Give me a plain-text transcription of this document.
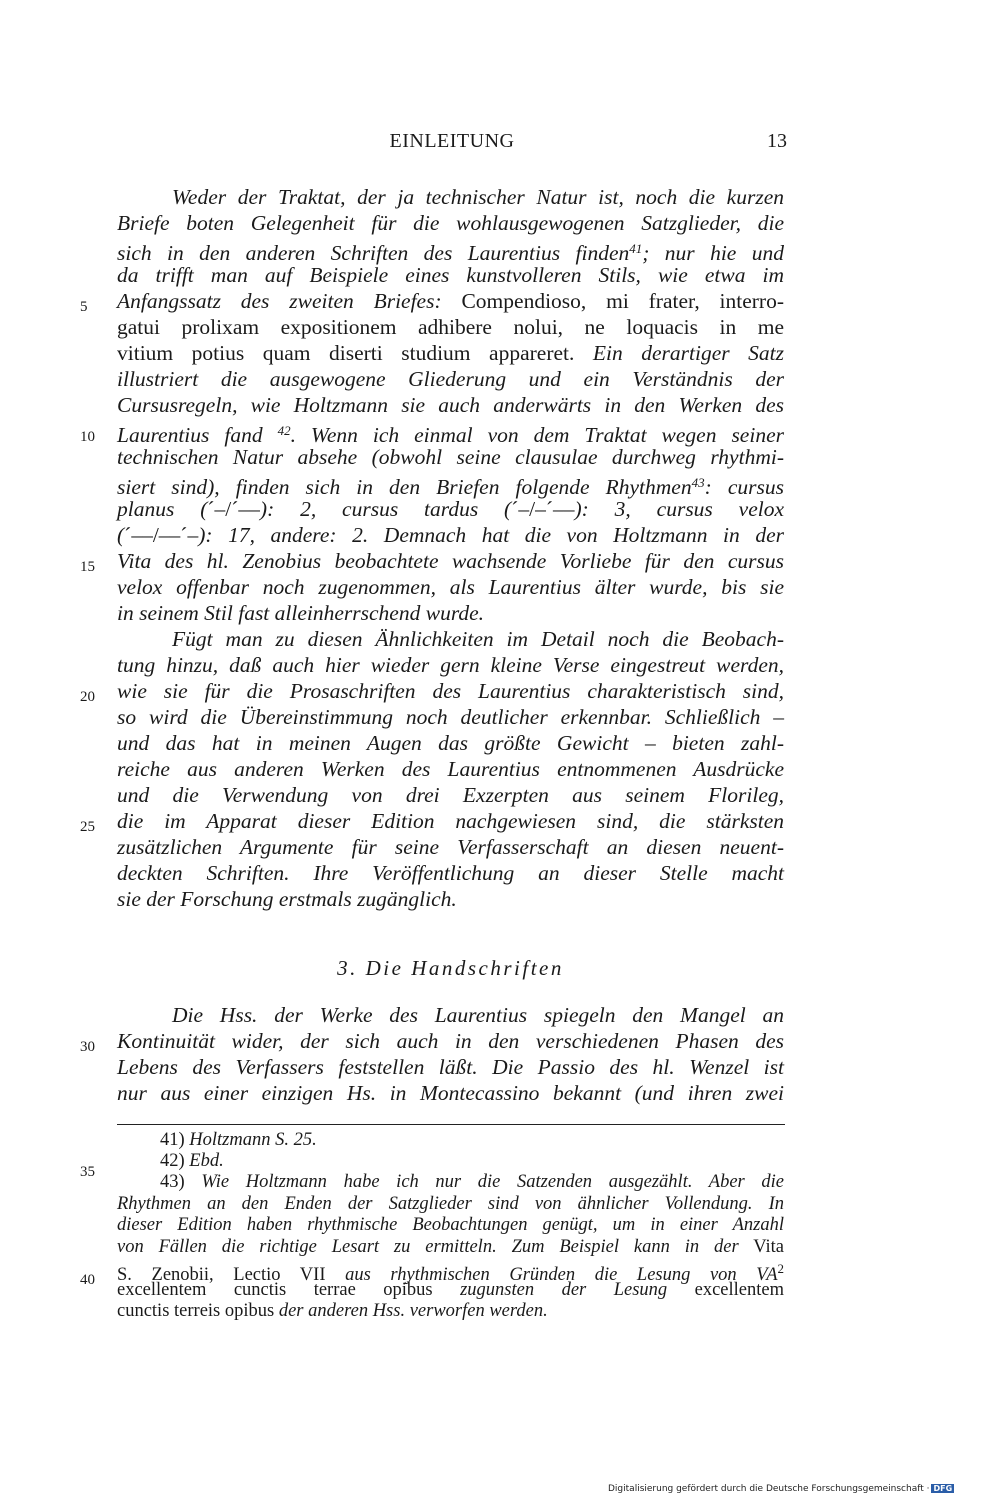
EINLEITUNG	13
5
10
15
20
25
30
Weder der Traktat, der ja technischer Natur ist, noch die kurzen
Briefe boten Gelegenheit für die wohlausgewogenen Satzglieder, die
sich in den anderen Schriften des Laurentius finden$^{41}$; nur hie und
da trifft man auf Beispiele eines kunstvolleren Stils, wie etwa im
Anfangssatz des zweiten Briefes: Compendioso, mi frater, interro-
gatui prolixam expositionem adhibere nolui, ne loquacis in me
vitium potius quam diserti studium appareret. Ein derartiger Satz
illustriert die ausgewogene Gliederung und ein Verständnis der
Cursusregeln, wie Holtzmann sie auch anderwärts in den Werken des
Laurentius fand $^{42}$. Wenn ich einmal von dem Traktat wegen seiner
technischen Natur absehe (obwohl seine clausulae durchweg rhythmi-
siert sind), finden sich in den Briefen folgende Rhythmen$^{43}$: cursus
planus (´–/´––): 2, cursus tardus (´–/–´––): 3, cursus velox
(´––/––´–): 17, andere: 2. Demnach hat die von Holtzmann in der
Vita des hl. Zenobius beobachtete wachsende Vorliebe für den cursus
velox offenbar noch zugenommen, als Laurentius älter wurde, bis sie
in seinem Stil fast alleinherrschend wurde.
Fügt man zu diesen Ähnlichkeiten im Detail noch die Beobach-
tung hinzu, daß auch hier wieder gern kleine Verse eingestreut werden,
wie sie für die Prosaschriften des Laurentius charakteristisch sind,
so wird die Übereinstimmung noch deutlicher erkennbar. Schließlich –
und das hat in meinen Augen das größte Gewicht – bieten zahl-
reiche aus anderen Werken des Laurentius entnommenen Ausdrücke
und die Verwendung von drei Exzerpten aus seinem Florileg,
die im Apparat dieser Edition nachgewiesen sind, die stärksten
zusätzlichen Argumente für seine Verfasserschaft an diesen neuent-
deckten Schriften. Ihre Veröffentlichung an dieser Stelle macht
sie der Forschung erstmals zugänglich.
3. Die Handschriften
Die Hss. der Werke des Laurentius spiegeln den Mangel an
Kontinuität wider, der sich auch in den verschiedenen Phasen des
Lebens des Verfassers feststellen läßt. Die Passio des hl. Wenzel ist
nur aus einer einzigen Hs. in Montecassino bekannt (und ihren zwei
35
40
41) Holtzmann S. 25.
42) Ebd.
43) Wie Holtzmann habe ich nur die Satzenden ausgezählt. Aber die
Rhythmen an den Enden der Satzglieder sind von ähnlicher Vollendung. In
dieser Edition haben rhythmische Beobachtungen genügt, um in einer Anzahl
von Fällen die richtige Lesart zu ermitteln. Zum Beispiel kann in der Vita
S. Zenobii, Lectio VII aus rhythmischen Gründen die Lesung von $VA^2$
excellentem cunctis terrae opibus zugunsten der Lesung excellentem
cunctis terreis opibus der anderen Hss. verworfen werden.
Digitalisierung gefördert durch die Deutsche Forschungsgemeinschaft · DFG
